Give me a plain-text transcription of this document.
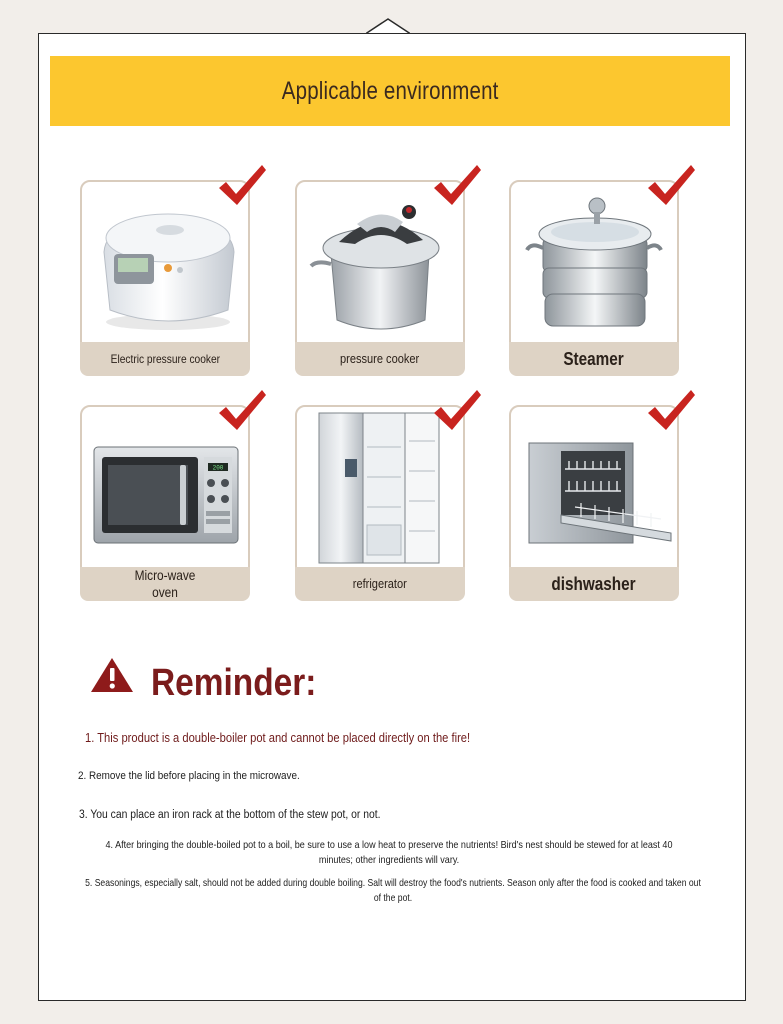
Applicable environment
Electric pressure cooker	pressure cooker	Steamer
200
Micro-wave oven
refrigerator	dishwasher
Reminder:
1. This product is a double-boiler pot and cannot be placed directly on the fire!
2. Remove the lid before placing in the microwave.
3. You can place an iron rack at the bottom of the stew pot, or not.
4. After bringing the double-boiled pot to a boil, be sure to use a low heat to preserve the nutrients! Bird's nest should be stewed for at least 40 minutes; other ingredients will vary.
5. Seasonings, especially salt, should not be added during double boiling. Salt will destroy the food's nutrients. Season only after the food is cooked and taken out of the pot.
